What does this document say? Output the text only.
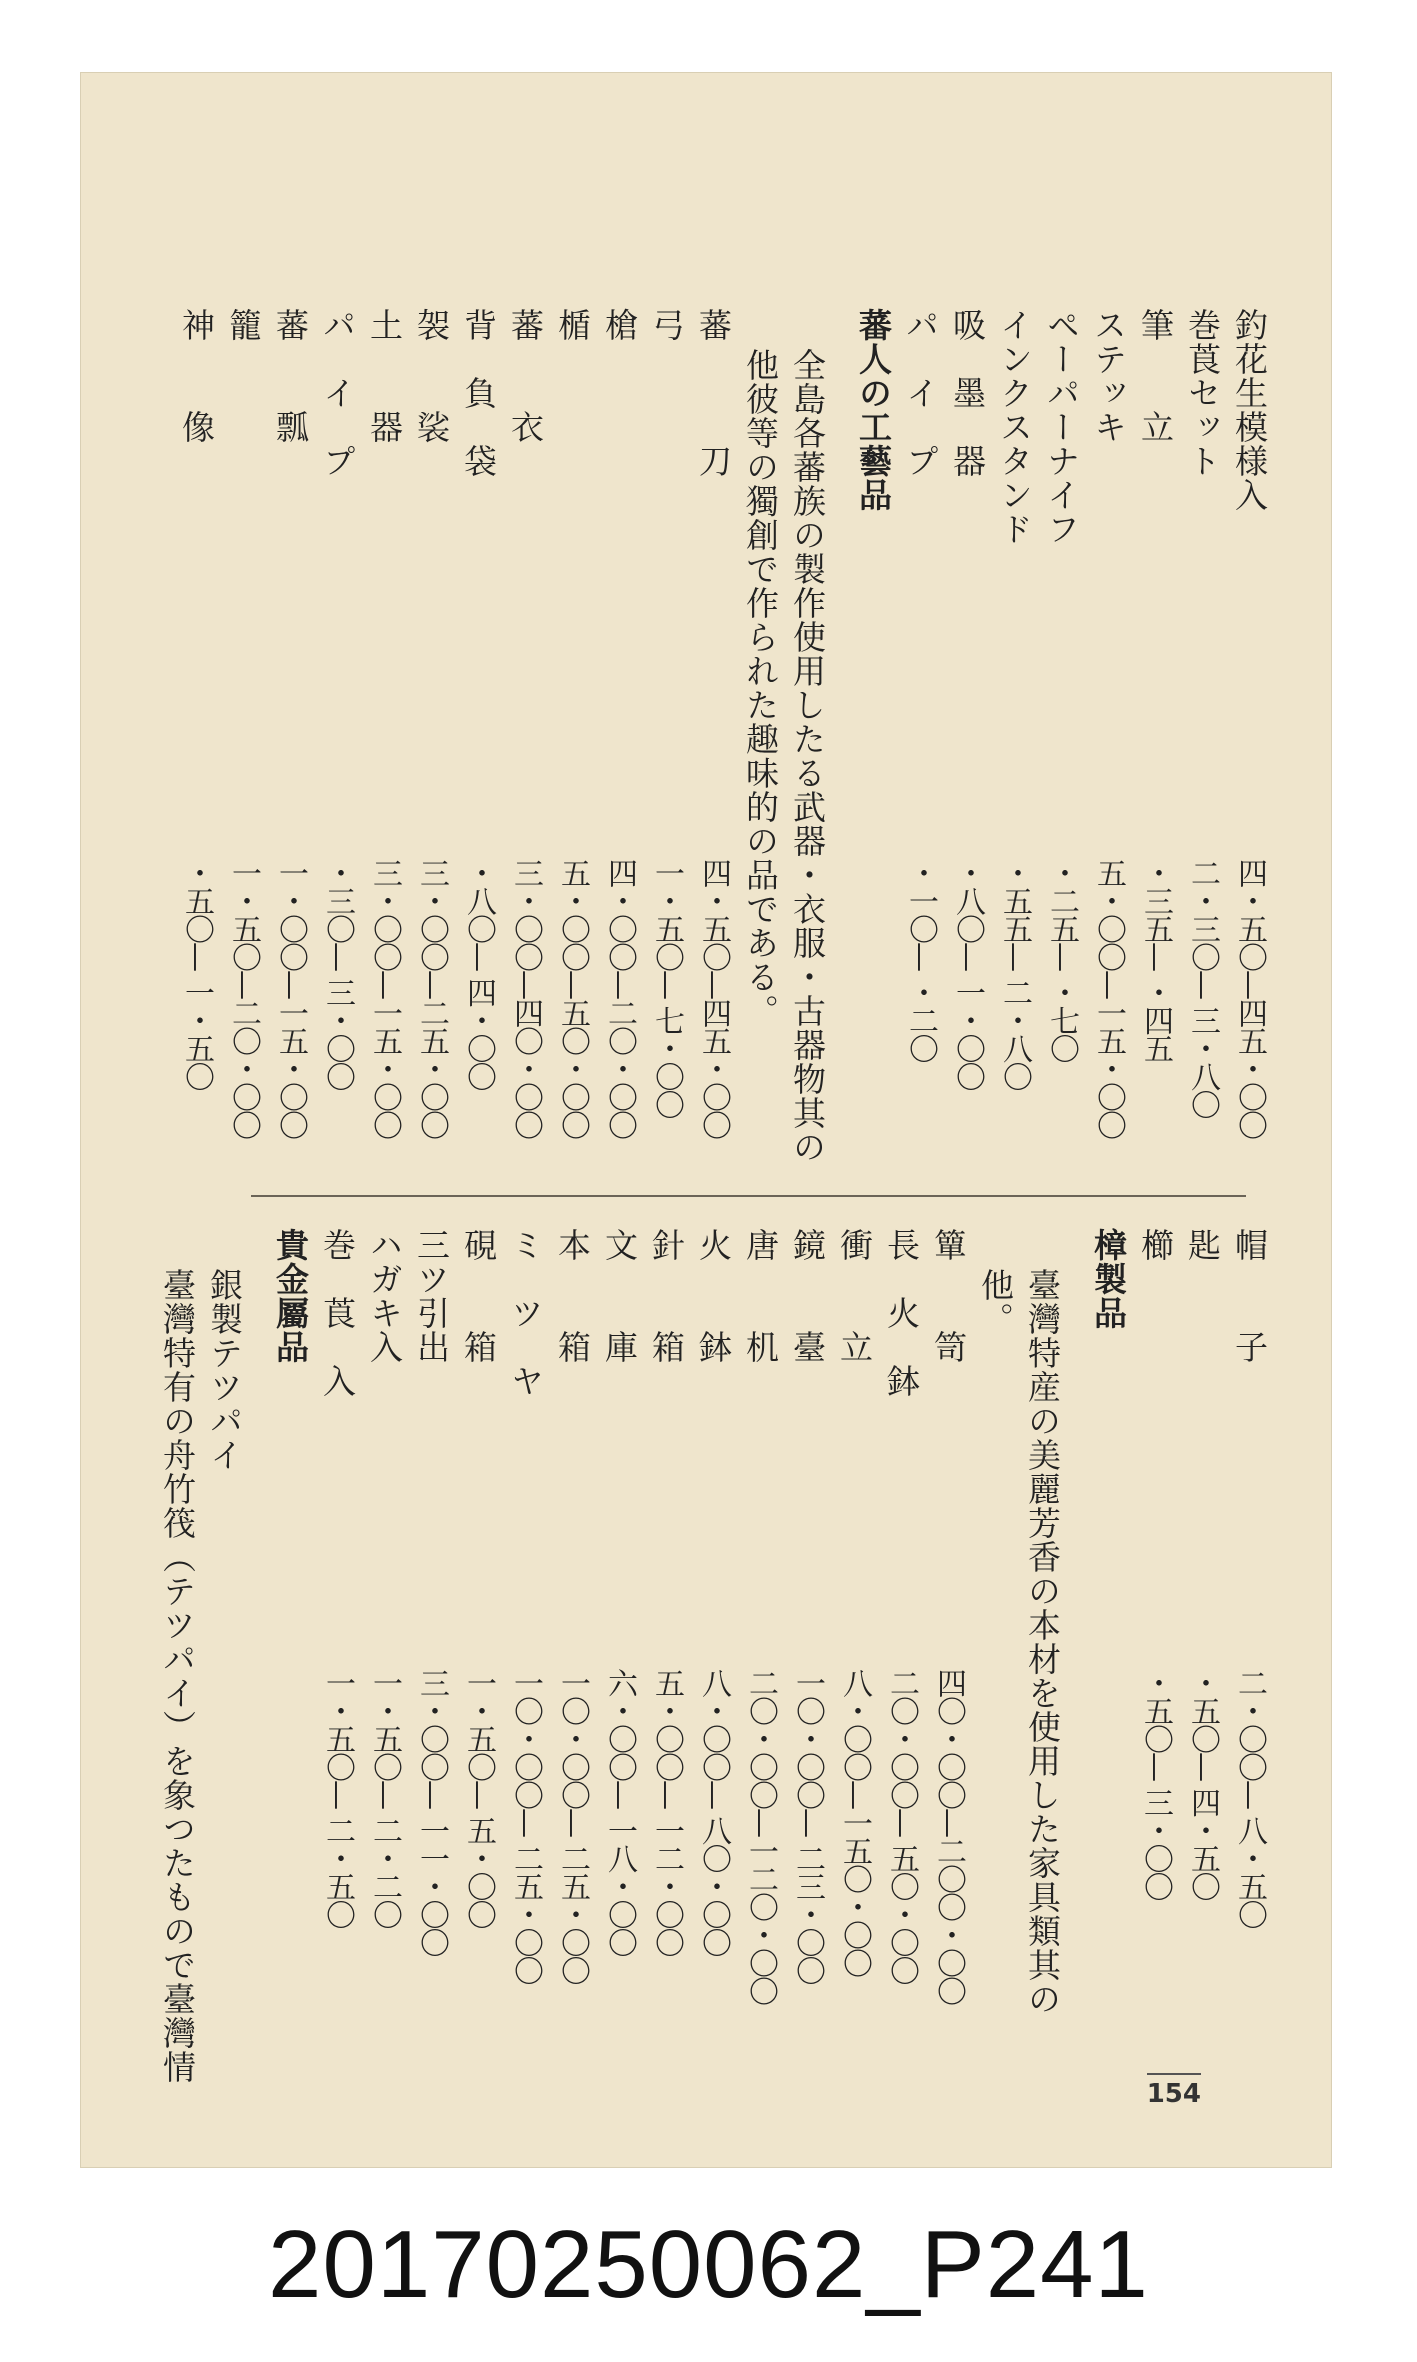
釣花生模様入
四・五〇—四五・〇〇
巻莨セット
二・三〇— 三・八〇
筆　　立
・三五— ・四五
ステッキ
五・〇〇—一五・〇〇
ペーパーナイフ
・二五— ・七〇
インクスタンド
・五五— 二・八〇
吸　墨　器
・八〇— 一・〇〇
パ　イ　プ
・一〇— ・二〇
蕃人の工藝品
全島各蕃族の製作使用したる武器・衣服・古器物其の
他彼等の獨創で作られた趣味的の品である。
蕃　　　刀
四・五〇—四五・〇〇
弓
一・五〇— 七・〇〇
槍
四・〇〇—二〇・〇〇
楯
五・〇〇—五〇・〇〇
蕃　　衣
三・〇〇—四〇・〇〇
背　負　袋
・八〇— 四・〇〇
袈　　裟
三・〇〇—二五・〇〇
土　　器
三・〇〇—一五・〇〇
パ　イ　プ
・三〇— 三・〇〇
蕃　　瓢
一・〇〇—一五・〇〇
籠
一・五〇—二〇・〇〇
神　　像
・五〇— 一・五〇
帽　　子
二・〇〇— 八・五〇
匙
・五〇— 四・五〇
櫛
・五〇— 三・〇〇
樟製品
臺灣特産の美麗芳香の本材を使用した家具類其の
他。
簞　　笥
四〇・〇〇—二〇〇・〇〇
長　火　鉢
二〇・〇〇— 五〇・〇〇
衝　　立
八・〇〇—一五〇・〇〇
鏡　　臺
一〇・〇〇— 二三・〇〇
唐　　机
二〇・〇〇—一二〇・〇〇
火　　鉢
八・〇〇— 八〇・〇〇
針　　箱
五・〇〇— 一二・〇〇
文　　庫
六・〇〇— 一八・〇〇
本　　箱
一〇・〇〇— 二五・〇〇
ミ　ツ　ヤ
一〇・〇〇— 二五・〇〇
硯　　箱
一・五〇— 五・〇〇
三ツ引出
三・〇〇— 一一・〇〇
ハガキ入
一・五〇— 二・二〇
巻　莨　入
一・五〇— 二・五〇
貴金屬品
銀製テツパイ
臺灣特有の舟竹筏（テツパイ）を象つたもので臺灣情
154
20170250062_P241
